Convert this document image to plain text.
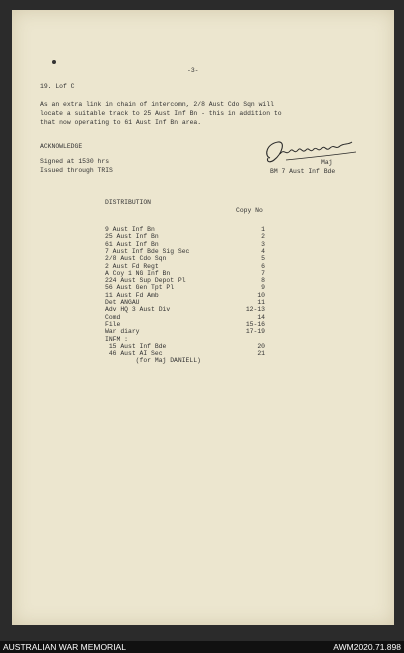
-3-
19. Lof C
As an extra link in chain of intercomn, 2/8 Aust Cdo Sqn will
locate a suitable track to 25 Aust Inf Bn - this in addition to
that now operating to 61 Aust Inf Bn area.
ACKNOWLEDGE
Signed at 1530 hrs
Issued through TRIS
Maj
BM 7 Aust Inf Bde
DISTRIBUTION
Copy No
9 Aust Inf Bn	1
25 Aust Inf Bn	2
61 Aust Inf Bn	3
7 Aust Inf Bde Sig Sec	4
2/8 Aust Cdo Sqn	5
2 Aust Fd Regt	6
A Coy 1 NG Inf Bn	7
224 Aust Sup Depot Pl	8
56 Aust Gen Tpt Pl	9
11 Aust Fd Amb	10
Det ANGAU	11
Adv HQ 3 Aust Div	12-13
Comd	14
File	15-16
War diary	17-19
INFM :
15 Aust Inf Bde	20
46 Aust AI Sec	21
(for Maj DANIELL)
AUSTRALIAN WAR MEMORIAL	AWM2020.71.898
